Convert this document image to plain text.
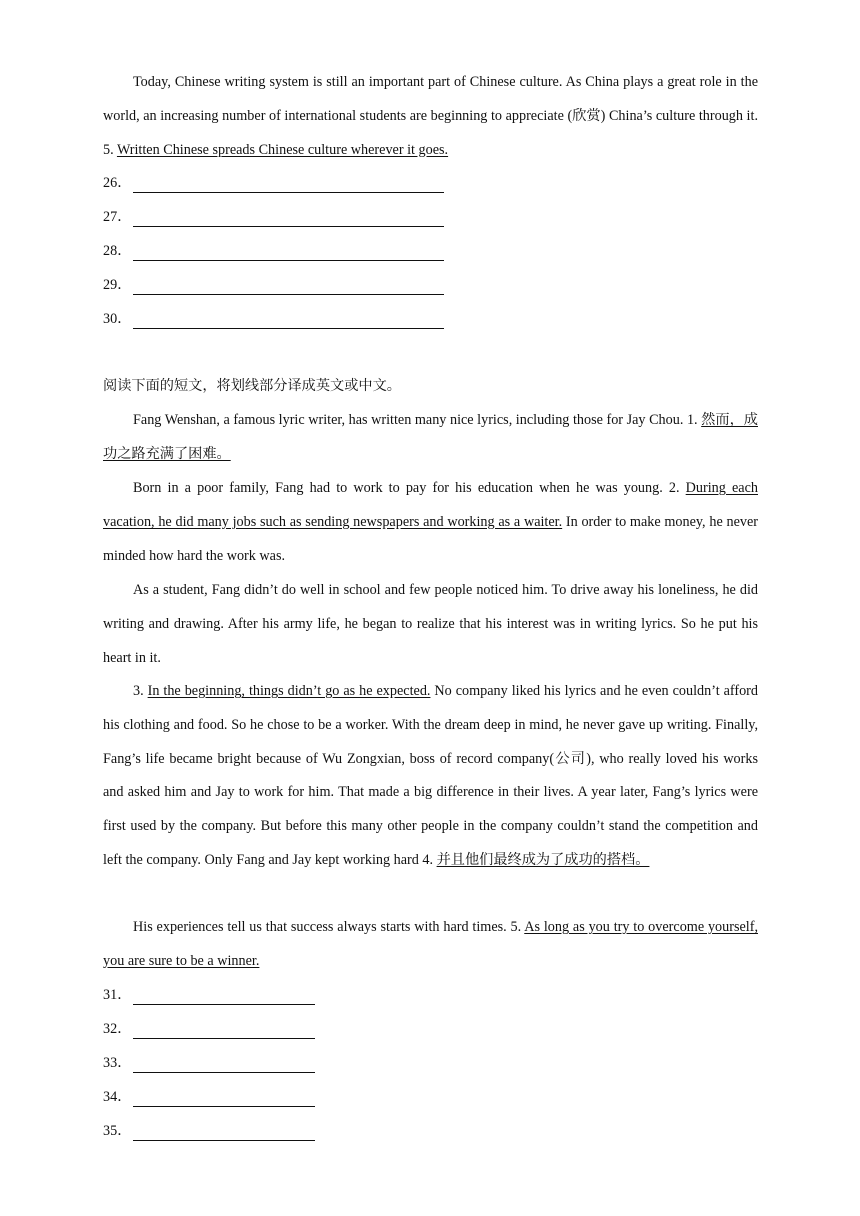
Today, Chinese writing system is still an important part of Chinese culture. As China plays a great role in the world, an increasing number of international students are beginning to appreciate (欣赏) China’s culture through it. 5. Written Chinese spreads Chinese culture wherever it goes.

26．
27．
28．
29．
30．

阅读下面的短文，将划线部分译成英文或中文。

Fang Wenshan, a famous lyric writer, has written many nice lyrics, including those for Jay Chou. 1. 然而，成功之路充满了困难。

Born in a poor family, Fang had to work to pay for his education when he was young. 2. During each vacation, he did many jobs such as sending newspapers and working as a waiter. In order to make money, he never minded how hard the work was.

As a student, Fang didn’t do well in school and few people noticed him. To drive away his loneliness, he did writing and drawing. After his army life, he began to realize that his interest was in writing lyrics. So he put his heart in it.

3. In the beginning, things didn’t go as he expected. No company liked his lyrics and he even couldn’t afford his clothing and food. So he chose to be a worker. With the dream deep in mind, he never gave up writing. Finally, Fang’s life became bright because of Wu Zongxian, boss of record company(公司), who really loved his works and asked him and Jay to work for him. That made a big difference in their lives. A year later, Fang’s lyrics were first used by the company. But before this many other people in the company couldn’t stand the competition and left the company. Only Fang and Jay kept working hard 4. 并且他们最终成为了成功的搭档。

His experiences tell us that success always starts with hard times. 5. As long as you try to overcome yourself, you are sure to be a winner.

31．
32．
33．
34．
35．
